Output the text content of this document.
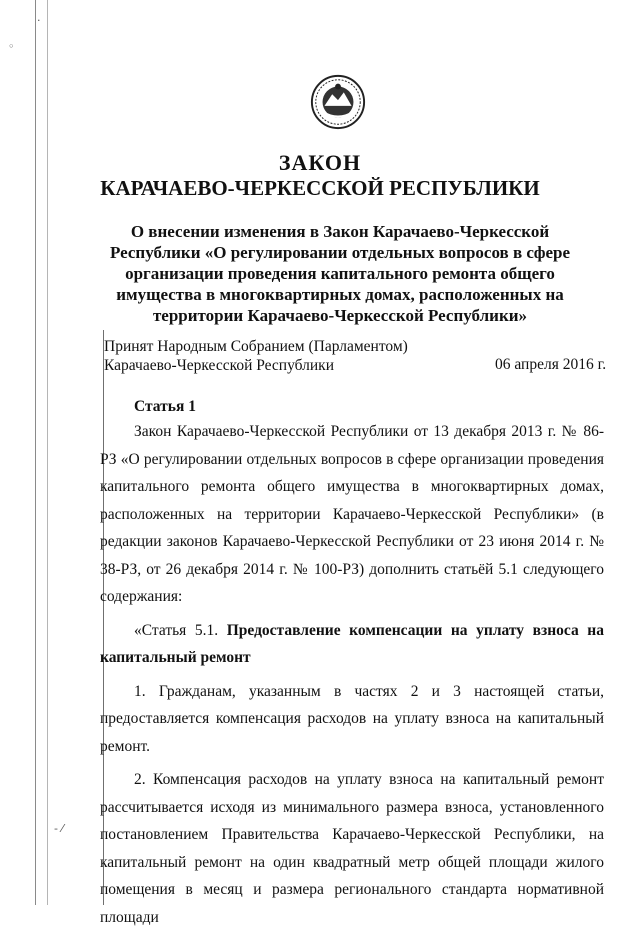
·
◦
- ⁄
ЗАКОН
КАРАЧАЕВО-ЧЕРКЕССКОЙ РЕСПУБЛИКИ
О внесении изменения в Закон Карачаево-Черкесской Республики «О регулировании отдельных вопросов в сфере организации проведения капитального ремонта общего имущества в многоквартирных домах, расположенных на территории Карачаево-Черкесской Республики»
Принят Народным Собранием (Парламентом)
Карачаево-Черкесской Республики	06 апреля 2016 г.
Статья 1

Закон Карачаево-Черкесской Республики от 13 декабря 2013 г. № 86-РЗ «О регулировании отдельных вопросов в сфере организации проведения капитального ремонта общего имущества в многоквартирных домах, расположенных на территории Карачаево-Черкесской Республики» (в редакции законов Карачаево-Черкесской Республики от 23 июня 2014 г. № 38-РЗ, от 26 декабря 2014 г. № 100-РЗ) дополнить статьёй 5.1 следующего содержания:

«Статья 5.1. Предоставление компенсации на уплату взноса на капитальный ремонт

1. Гражданам, указанным в частях 2 и 3 настоящей статьи, предоставляется компенсация расходов на уплату взноса на капитальный ремонт.

2. Компенсация расходов на уплату взноса на капитальный ремонт рассчитывается исходя из минимального размера взноса, установленного постановлением Правительства Карачаево-Черкесской Республики, на капитальный ремонт на один квадратный метр общей площади жилого помещения в месяц и размера регионального стандарта нормативной площади
